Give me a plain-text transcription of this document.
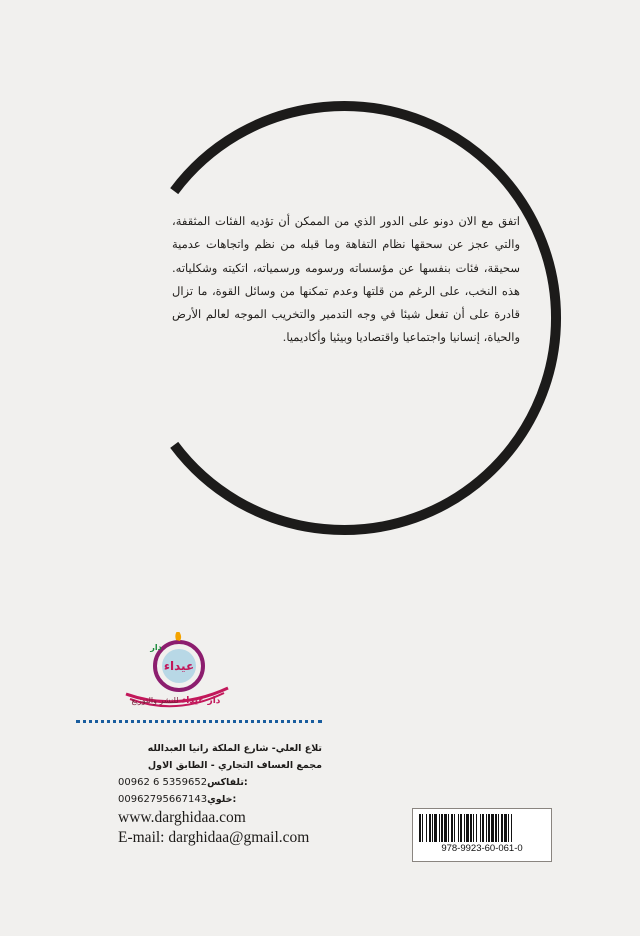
اتفق مع الان دونو على الدور الذي من الممكن أن تؤديه الفئات المثقفة، والتي عجز عن سحقها نظام التفاهة وما قبله من نظم واتجاهات عدمية سحيقة، فئات بنفسها عن مؤسساته ورسومه ورسمياته، اتكيته وشكلياته. هذه النخب، على الرغم من قلتها وعدم تمكنها من وسائل القوة، ما تزال قادرة على أن تفعل شيئا في وجه التدمير والتخريب الموجه لعالم الأرض والحياة، إنسانيا واجتماعيا واقتصاديا وبيئيا وأكاديميا.

عيداء
دار
دار غيداء للنشر والتوزيع
تلاع العلي- شارع الملكة رانيا العبدالله
مجمع العساف التجاري - الطابق الاول
00962 6 5359652تلفاكس:
00962795667143خلوي:
www.darghidaa.com
E-mail: darghidaa@gmail.com
978-9923-60-061-0
